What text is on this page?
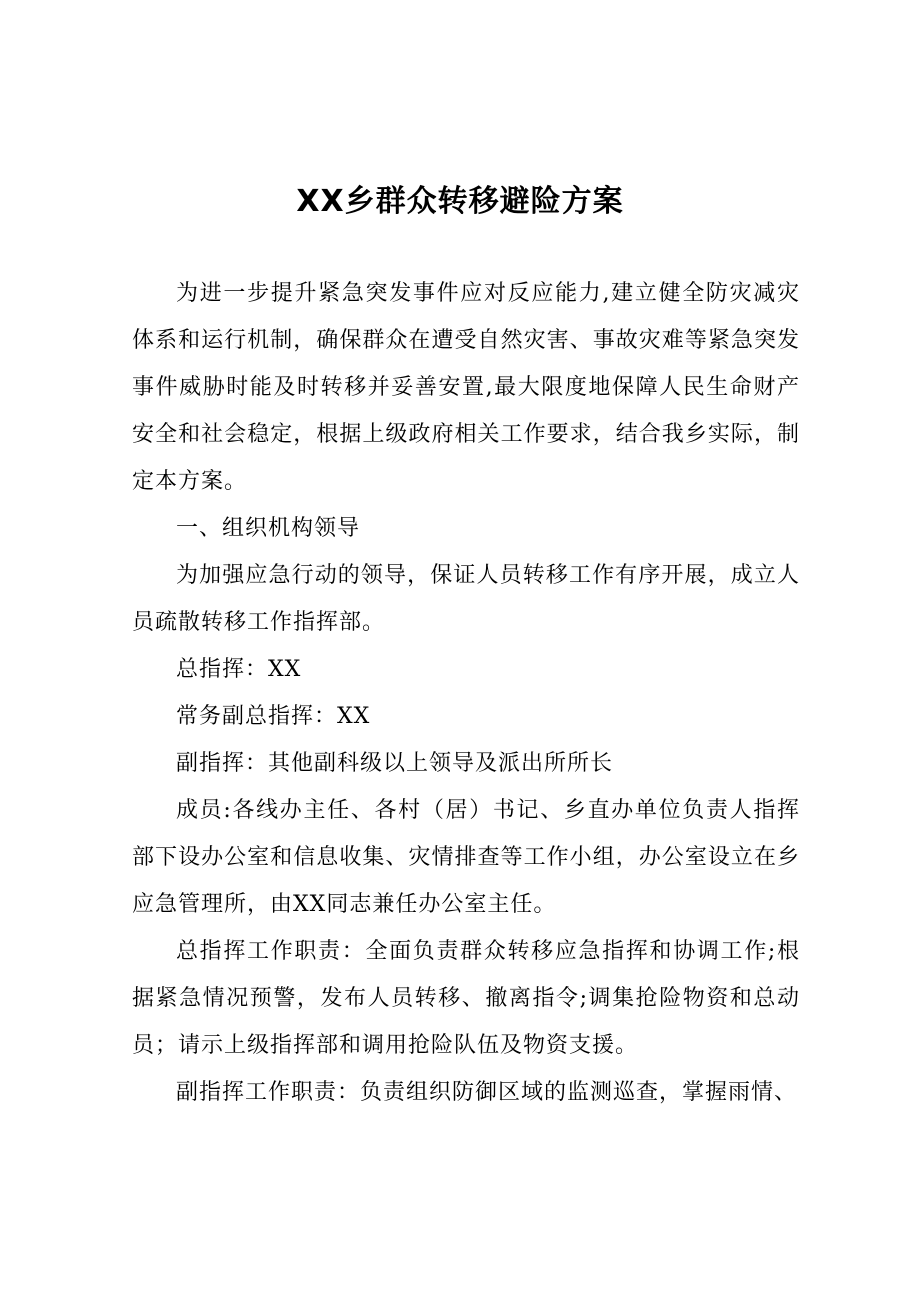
XX乡群众转移避险方案

为进一步提升紧急突发事件应对反应能力,建立健全防灾减灾体系和运行机制，确保群众在遭受自然灾害、事故灾难等紧急突发事件威胁时能及时转移并妥善安置,最大限度地保障人民生命财产安全和社会稳定，根据上级政府相关工作要求，结合我乡实际，制定本方案。

一、组织机构领导

为加强应急行动的领导，保证人员转移工作有序开展，成立人员疏散转移工作指挥部。

总指挥：XX

常务副总指挥：XX

副指挥：其他副科级以上领导及派出所所长

成员:各线办主任、各村（居）书记、乡直办单位负责人指挥部下设办公室和信息收集、灾情排查等工作小组，办公室设立在乡应急管理所，由XX同志兼任办公室主任。

总指挥工作职责：全面负责群众转移应急指挥和协调工作;根据紧急情况预警，发布人员转移、撤离指令;调集抢险物资和总动员；请示上级指挥部和调用抢险队伍及物资支援。

副指挥工作职责：负责组织防御区域的监测巡查，掌握雨情、
